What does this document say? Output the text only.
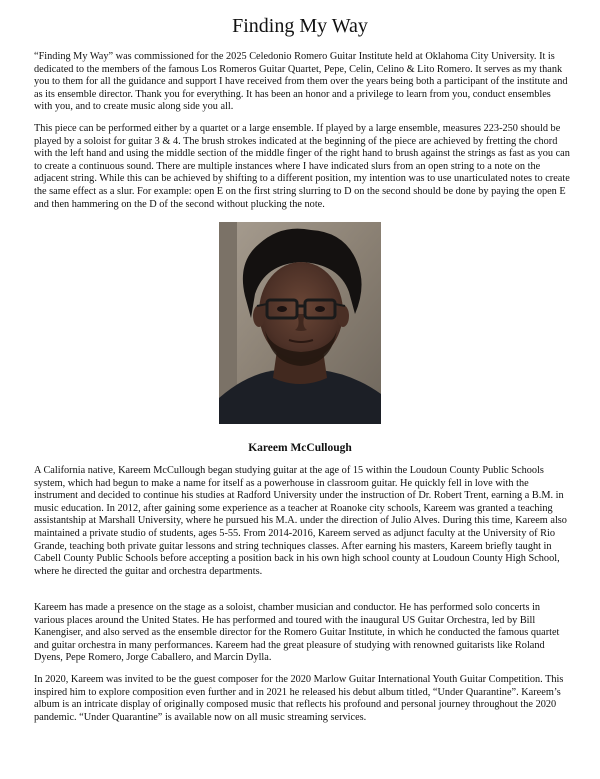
Finding My Way

“Finding My Way” was commissioned for the 2025 Celedonio Romero Guitar Institute held at Oklahoma City University. It is dedicated to the members of the famous Los Romeros Guitar Quartet, Pepe, Celin, Celino & Lito Romero. It serves as my thank you to them for all the guidance and support I have received from them over the years being both a participant of the institute and as its ensemble director. Thank you for everything. It has been an honor and a privilege to learn from you, conduct ensembles with you, and to create music along side you all.

This piece can be performed either by a quartet or a large ensemble. If played by a large ensemble, measures 223-250 should be played by a soloist for guitar 3 & 4. The brush strokes indicated at the beginning of the piece are achieved by fretting the chord with the left hand and using the middle section of the middle finger of the right hand to brush against the strings as fast as you can to create a continuous sound. There are multiple instances where I have indicated slurs from an open string to a note on the adjacent string. While this can be achieved by shifting to a different position, my intention was to use unarticulated notes to create the same effect as a slur. For example: open E on the first string slurring to D on the second should be done by paying the open E and then hammering on the D of the second without plucking the note.

Kareem McCullough

A California native, Kareem McCullough began studying guitar at the age of 15 within the Loudoun County Public Schools system, which had begun to make a name for itself as a powerhouse in classroom guitar. He quickly fell in love with the instrument and decided to continue his studies at Radford University under the instruction of Dr. Robert Trent, earning a B.M. in music education. In 2012, after gaining some experience as a teacher at Roanoke city schools, Kareem was granted a teaching assistantship at Marshall University, where he pursued his M.A. under the direction of Julio Alves. During this time, Kareem also maintained a private studio of students, ages 5-55. From 2014-2016, Kareem served as adjunct faculty at the University of Rio Grande, teaching both private guitar lessons and string techniques classes. After earning his masters, Kareem briefly taught in Cabell County Public Schools before accepting a position back in his own high school county at Loudoun County High School, where he directed the guitar and orchestra departments.

Kareem has made a presence on the stage as a soloist, chamber musician and conductor. He has performed solo concerts in various places around the United States. He has performed and toured with the inaugural US Guitar Orchestra, led by Bill Kanengiser, and also served as the ensemble director for the Romero Guitar Institute, in which he conducted the famous quartet and guitar orchestra in many performances. Kareem had the great pleasure of studying with renowned guitarists like Roland Dyens, Pepe Romero, Jorge Caballero, and Marcin Dylla.

In 2020, Kareem was invited to be the guest composer for the 2020 Marlow Guitar International Youth Guitar Competition. This inspired him to explore composition even further and in 2021 he released his debut album titled, “Under Quarantine”. Kareem’s album is an intricate display of originally composed music that reflects his profound and personal journey throughout the 2020 pandemic. “Under Quarantine” is available now on all music streaming services.
